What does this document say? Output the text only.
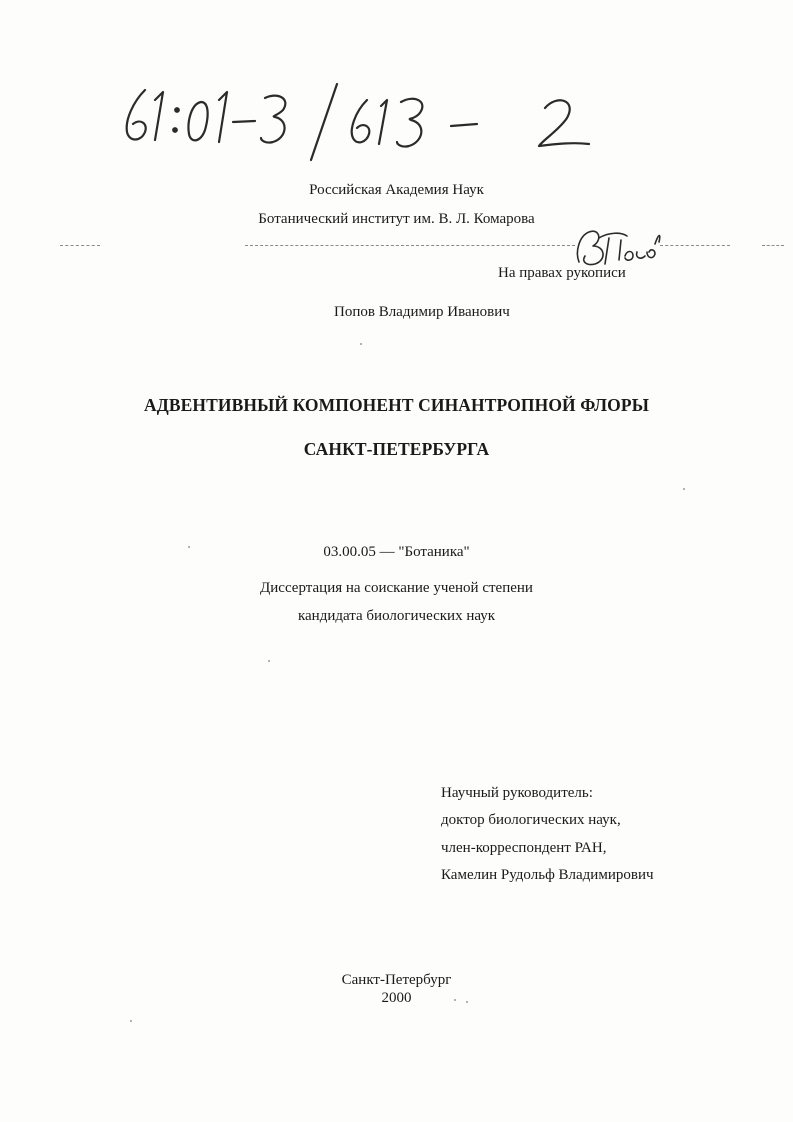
Российская Академия Наук
Ботанический институт им. В. Л. Комарова
На правах рукописи
Попов Владимир Иванович
АДВЕНТИВНЫЙ КОМПОНЕНТ СИНАНТРОПНОЙ ФЛОРЫ
САНКТ-ПЕТЕРБУРГА
03.00.05 — "Ботаника"
Диссертация на соискание ученой степени
кандидата биологических наук
Научный руководитель:
доктор биологических наук,
член-корреспондент РАН,
Камелин Рудольф Владимирович
Санкт-Петербург
2000
